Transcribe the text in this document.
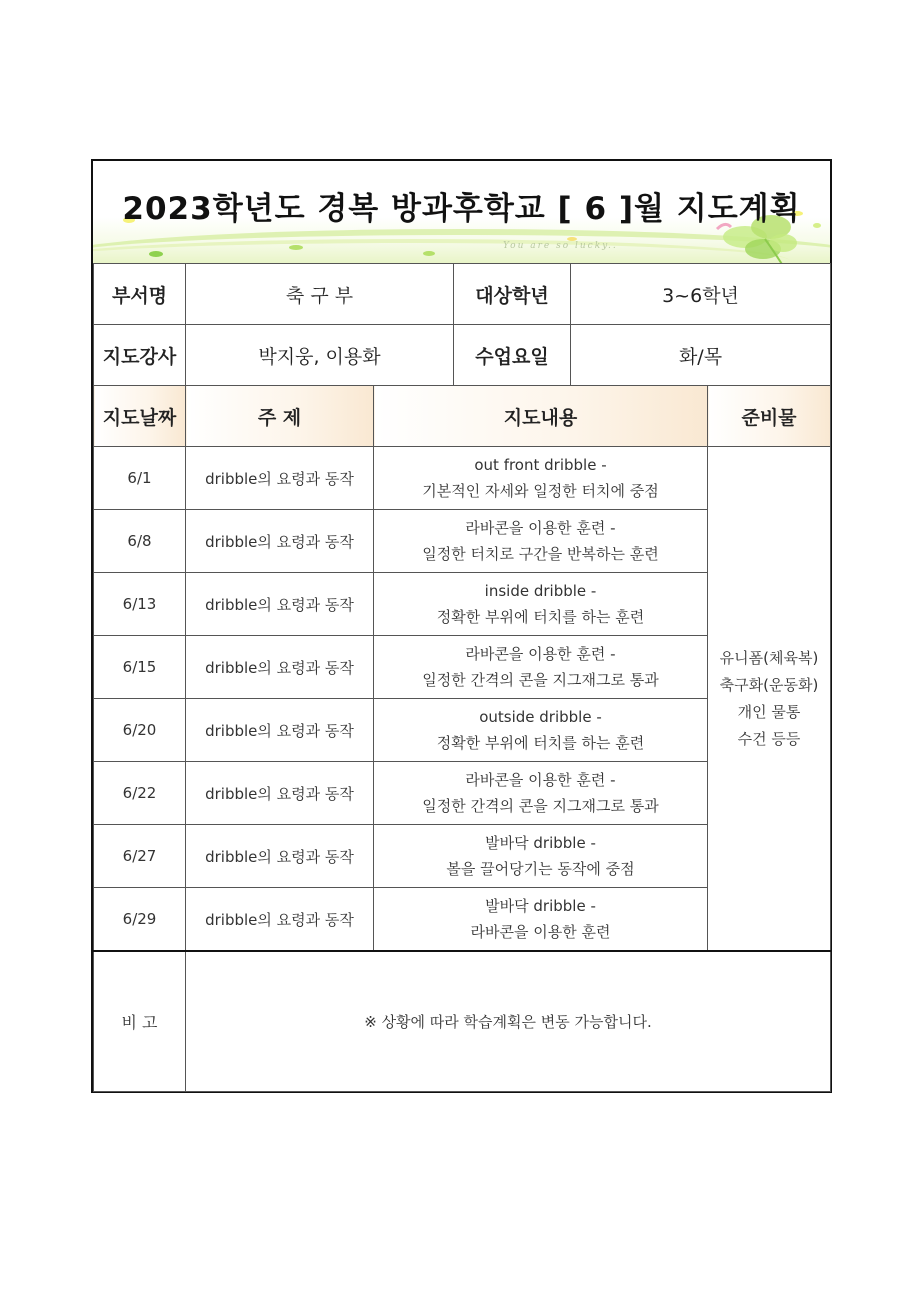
You are so lucky..
2023학년도 경복 방과후학교 [ 6 ]월 지도계획
부서명	축 구 부	대상학년	3~6학년
지도강사	박지웅, 이용화	수업요일	화/목
지도날짜	주 제	지도내용	준비물
6/1	dribble의 요령과 동작	out front dribble -
기본적인 자세와 일정한 터치에 중점	유니폼(체육복)
축구화(운동화)
개인 물통
수건 등등

6/8	dribble의 요령과 동작	라바콘을 이용한 훈련 -
일정한 터치로 구간을 반복하는 훈련	

6/13	dribble의 요령과 동작	inside dribble -
정확한 부위에 터치를 하는 훈련	

6/15	dribble의 요령과 동작	라바콘을 이용한 훈련 -
일정한 간격의 콘을 지그재그로 통과	

6/20	dribble의 요령과 동작	outside dribble -
정확한 부위에 터치를 하는 훈련	

6/22	dribble의 요령과 동작	라바콘을 이용한 훈련 -
일정한 간격의 콘을 지그재그로 통과	

6/27	dribble의 요령과 동작	발바닥 dribble -
볼을 끌어당기는 동작에 중점	

6/29	dribble의 요령과 동작	발바닥 dribble -
라바콘을 이용한 훈련	

비 고	※ 상황에 따라 학습계획은 변동 가능합니다.		
